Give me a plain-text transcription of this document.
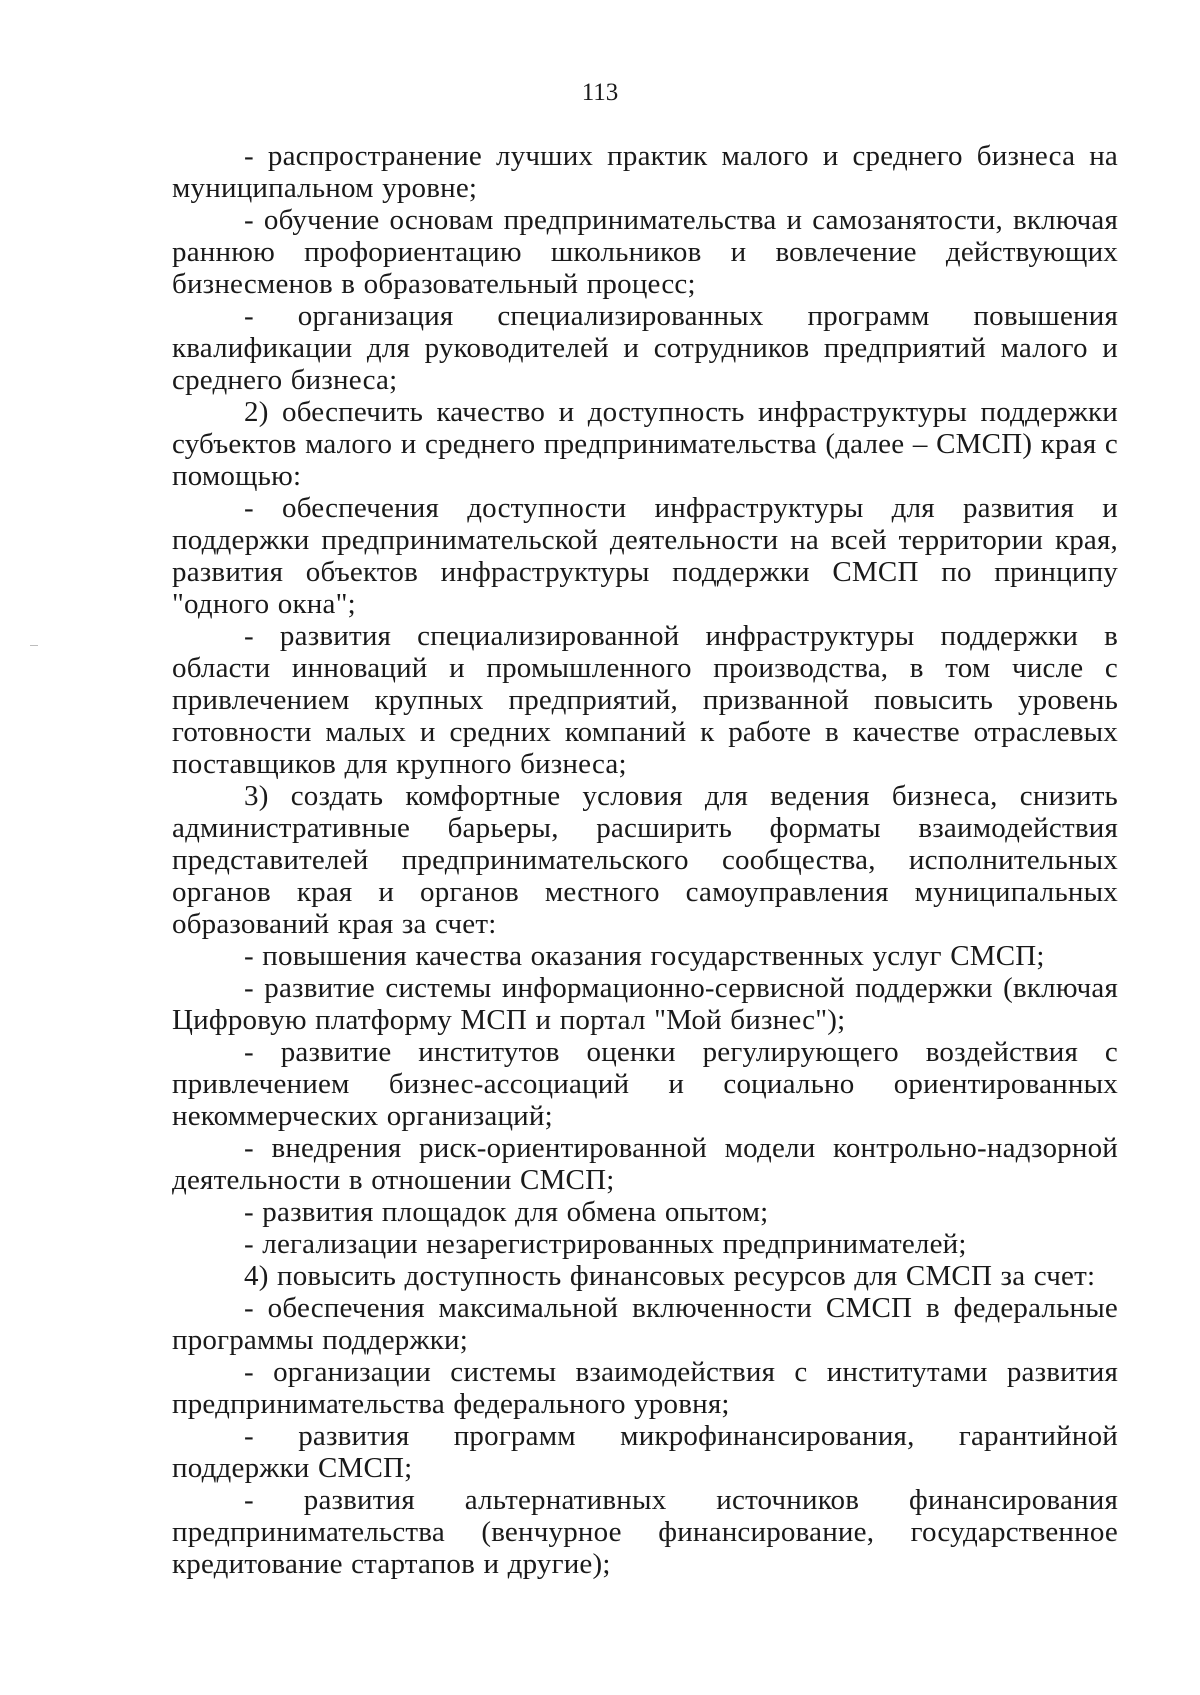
113

- распространение лучших практик малого и среднего бизнеса на муниципальном уровне;

- обучение основам предпринимательства и самозанятости, включая раннюю профориентацию школьников и вовлечение действующих бизнесменов в образовательный процесс;

- организация специализированных программ повышения квалификации для руководителей и сотрудников предприятий малого и среднего бизнеса;

2) обеспечить качество и доступность инфраструктуры поддержки субъектов малого и среднего предпринимательства (далее – СМСП) края с помощью:

- обеспечения доступности инфраструктуры для развития и поддержки предпринимательской деятельности на всей территории края, развития объектов инфраструктуры поддержки СМСП по принципу "одного окна";

- развития специализированной инфраструктуры поддержки в области инноваций и промышленного производства, в том числе с привлечением крупных предприятий, призванной повысить уровень готовности малых и средних компаний к работе в качестве отраслевых поставщиков для крупного бизнеса;

3) создать комфортные условия для ведения бизнеса, снизить административные барьеры, расширить форматы взаимодействия представителей предпринимательского сообщества, исполнительных органов края и органов местного самоуправления муниципальных образований края за счет:

- повышения качества оказания государственных услуг СМСП;

- развитие системы информационно-сервисной поддержки (включая Цифровую платформу МСП и портал "Мой бизнес");

- развитие институтов оценки регулирующего воздействия с привлечением бизнес-ассоциаций и социально ориентированных некоммерческих организаций;

- внедрения риск-ориентированной модели контрольно-надзорной деятельности в отношении СМСП;

- развития площадок для обмена опытом;

- легализации незарегистрированных предпринимателей;

4) повысить доступность финансовых ресурсов для СМСП за счет:

- обеспечения максимальной включенности СМСП в федеральные программы поддержки;

- организации системы взаимодействия с институтами развития предпринимательства федерального уровня;

- развития программ микрофинансирования, гарантийной поддержки СМСП;

- развития альтернативных источников финансирования предпринимательства (венчурное финансирование, государственное кредитование стартапов и другие);
